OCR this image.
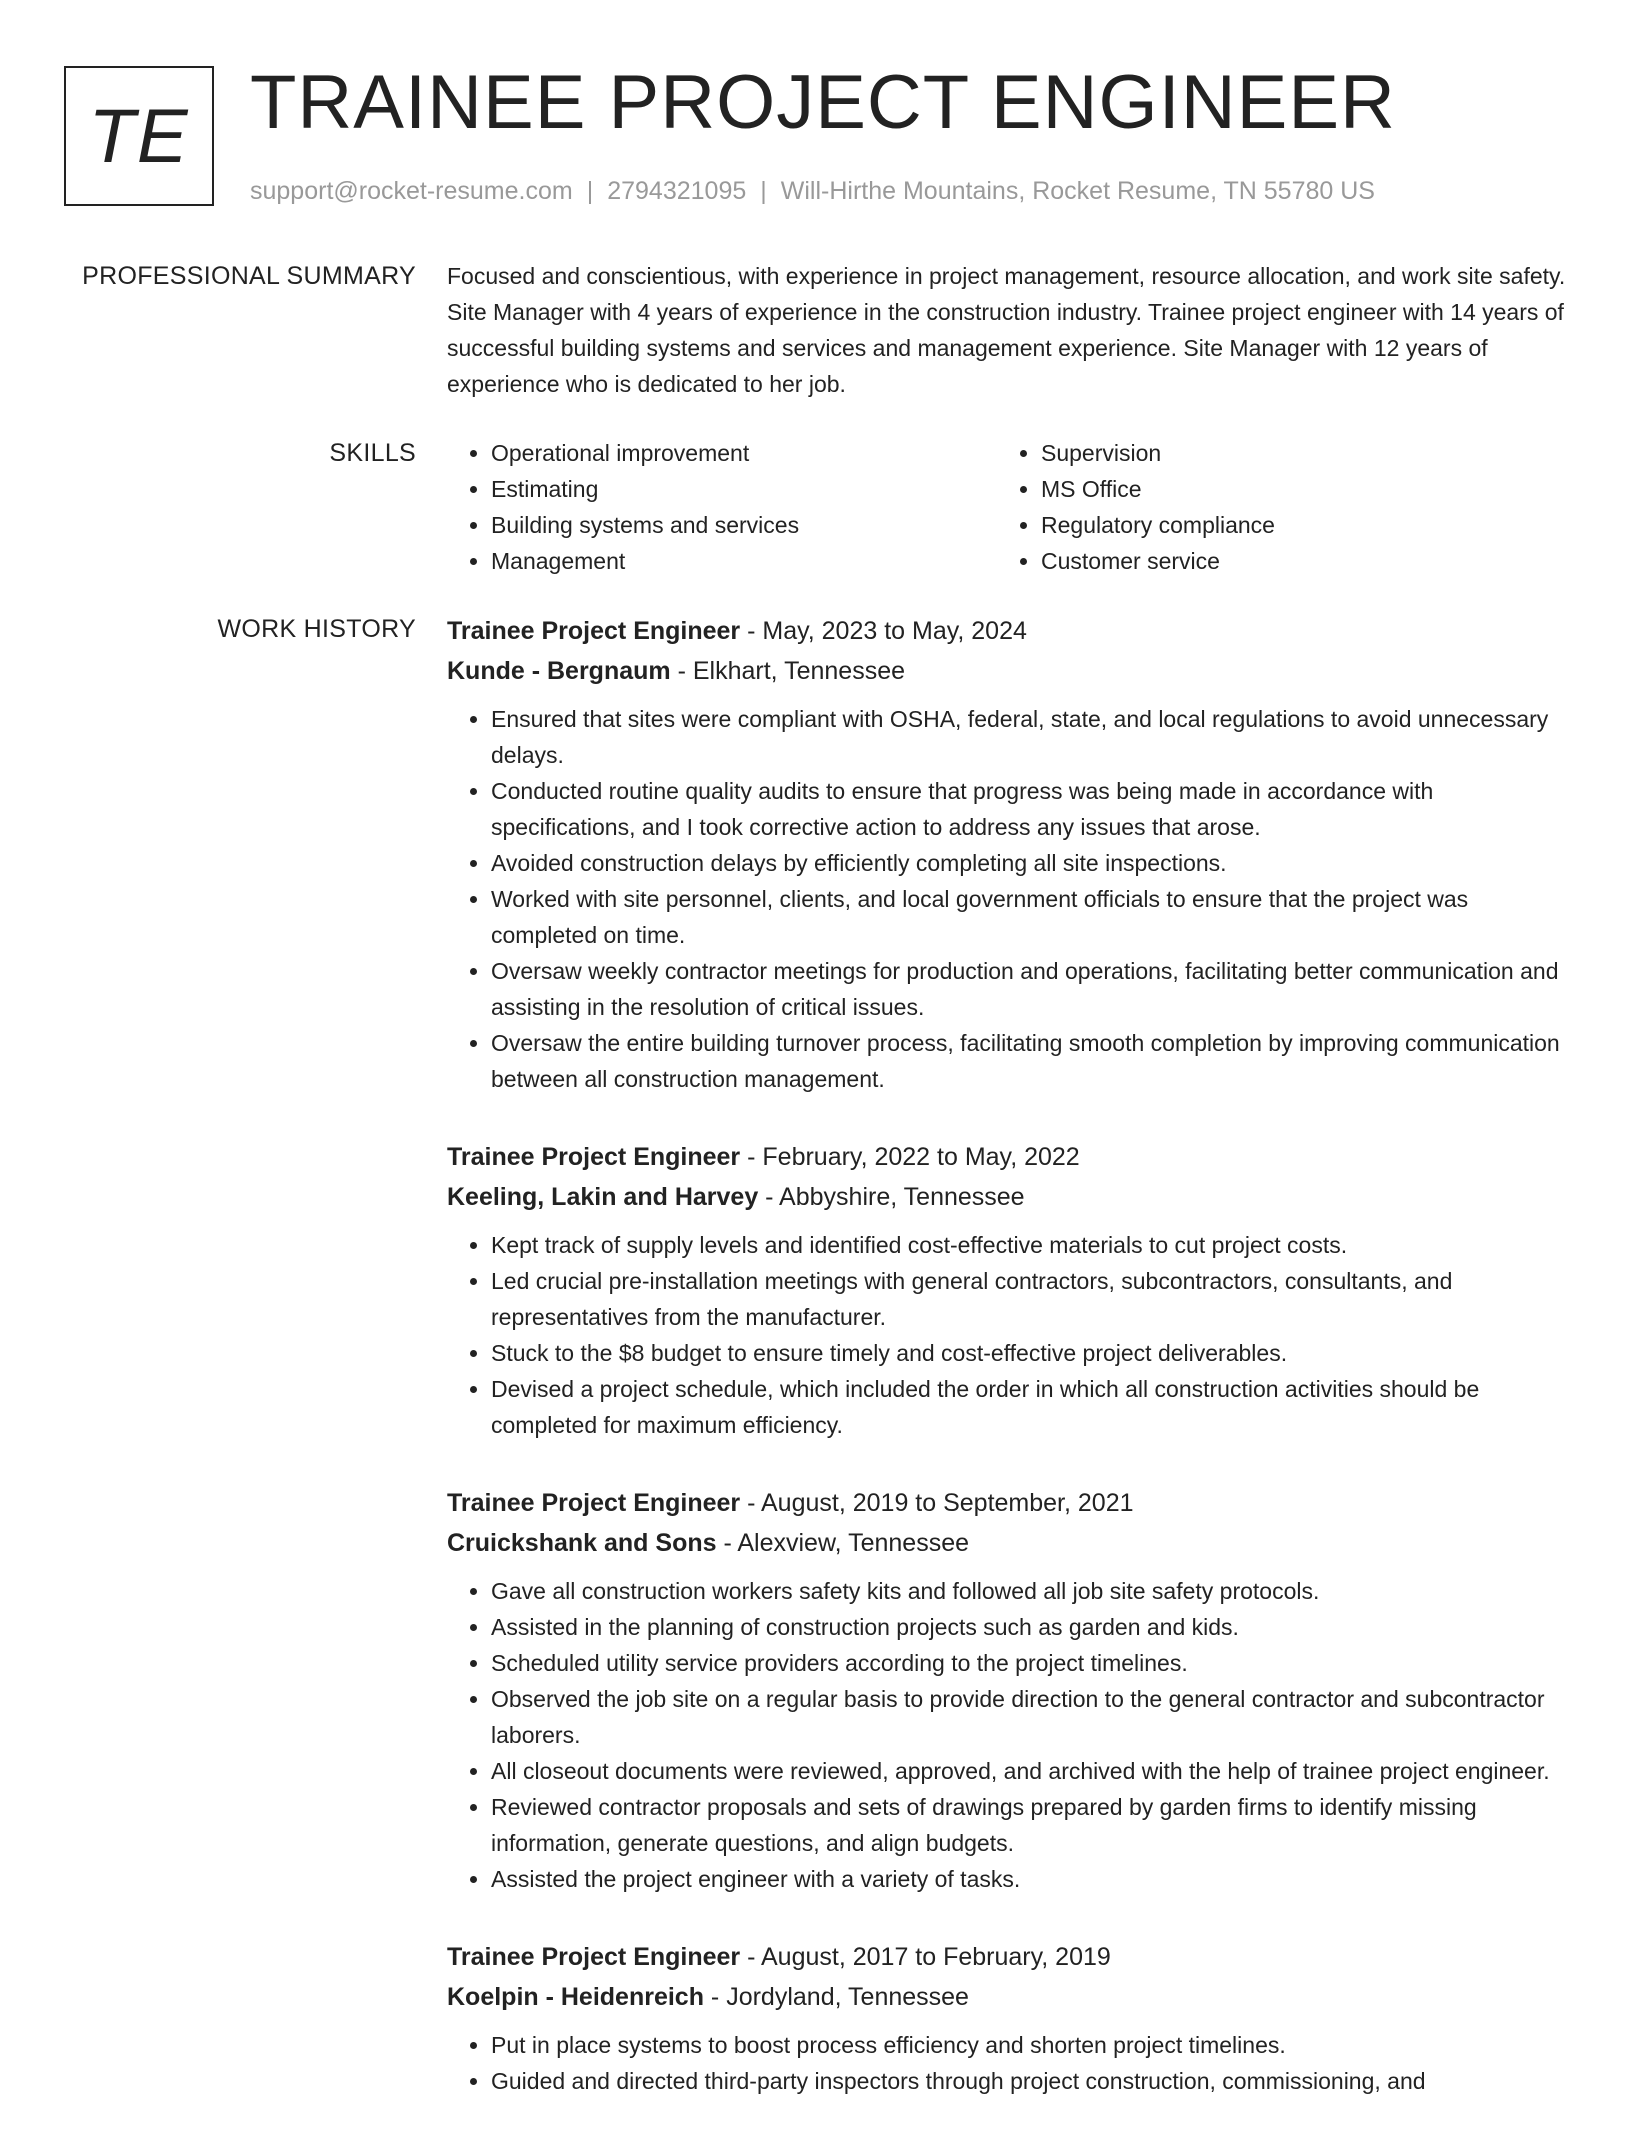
TE TRAINEE PROJECT ENGINEER
support@rocket-resume.com | 2794321095 | Will-Hirthe Mountains, Rocket Resume, TN 55780 US
PROFESSIONAL SUMMARY Focused and conscientious, with experience in project management, resource allocation, and work site safety. Site Manager with 4 years of experience in the construction industry. Trainee project engineer with 14 years of successful building systems and services and management experience. Site Manager with 12 years of experience who is dedicated to her job.

SKILLS
•	Operational improvement
• Estimating
• Building systems and services
• Management
• Supervision
• MS Office
• Regulatory compliance
• Customer service
WORK HISTORY Trainee Project Engineer - May, 2023 to May, 2024
Kunde - Bergnaum - Elkhart, Tennessee
• Ensured that sites were compliant with OSHA, federal, state, and local regulations to avoid unnecessary delays.
• Conducted routine quality audits to ensure that progress was being made in accordance with specifications, and I took corrective action to address any issues that arose.
• Avoided construction delays by efficiently completing all site inspections.
• Worked with site personnel, clients, and local government officials to ensure that the project was completed on time.
• Oversaw weekly contractor meetings for production and operations, facilitating better communication and assisting in the resolution of critical issues.
• Oversaw the entire building turnover process, facilitating smooth completion by improving communication between all construction management.
Trainee Project Engineer - February, 2022 to May, 2022
Keeling, Lakin and Harvey - Abbyshire, Tennessee
• Kept track of supply levels and identified cost-effective materials to cut project costs.
• Led crucial pre-installation meetings with general contractors, subcontractors, consultants, and representatives from the manufacturer.
• Stuck to the $8 budget to ensure timely and cost-effective project deliverables.
• Devised a project schedule, which included the order in which all construction activities should be completed for maximum efficiency.
Trainee Project Engineer - August, 2019 to September, 2021
Cruickshank and Sons - Alexview, Tennessee
• Gave all construction workers safety kits and followed all job site safety protocols.
• Assisted in the planning of construction projects such as garden and kids.
• Scheduled utility service providers according to the project timelines.
• Observed the job site on a regular basis to provide direction to the general contractor and subcontractor laborers.
• All closeout documents were reviewed, approved, and archived with the help of trainee project engineer.
• Reviewed contractor proposals and sets of drawings prepared by garden firms to identify missing information, generate questions, and align budgets.
• Assisted the project engineer with a variety of tasks.
Trainee Project Engineer - August, 2017 to February, 2019
Koelpin - Heidenreich - Jordyland, Tennessee
• Put in place systems to boost process efficiency and shorten project timelines.
• Guided and directed third-party inspectors through project construction, commissioning, and
